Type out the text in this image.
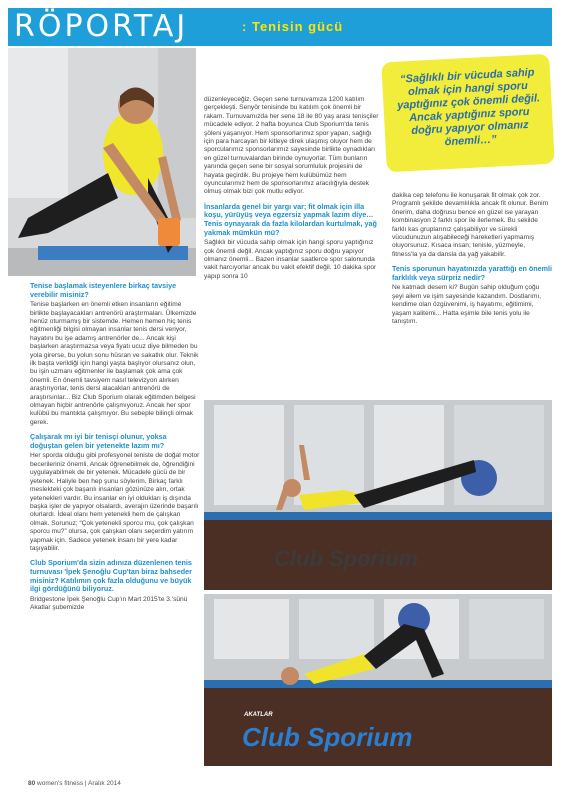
RÖPORTAJ	: Tenisin gücü
“Sağlıklı bir vücuda sahip olmak için hangi sporu yaptığınız çok önemli değil. Ancak yaptığınız sporu doğru yapıyor olmanız önemli…”
Tenise başlamak isteyenlere birkaç tavsiye verebilir misiniz?

Tenise başlarken en önemli etken insanların eğitime birlikte başlayacakları antrenörü araştırmaları. Ülkemizde henüz oturmamış bir sistemde. Hemen hemen hiç tenis eğitmenliği bilgisi olmayan insanlar tenis dersi veriyor, hayatını bu işe adamış antrenörler de... Ancak kişi başlarken araştırmazsa veya fiyatı ucuz diye bilmeden bu yola girerse, bu yolun sonu hüsran ve sakatlık olur. Teknik ilk başta verildiği için hangi yaşta başlıyor olursanız olun, bu işin uzmanı eğitmenler ile başlamak çok ama çok önemli. En önemli tavsiyem nasıl televizyon alırken araştırıyorlar, tenis dersi alacakları antrenörü de araştırsınlar... Biz Club Sporium olarak eğitimden belgesi olmayan hiçbir antrenörle çalışmıyoruz. Ancak her spor kulübü bu mantıkta çalışmıyor. Bu sebeple bilinçli olmak gerek.

Çalışarak mı iyi bir tenisçi olunur, yoksa doğuştan gelen bir yetenekte lazım mı?

Her sporda olduğu gibi profesyonel teniste de doğal motor becerileriniz önemli. Ancak öğrenebilmek de, öğrendiğini uygulayabilmek de bir yetenek. Mücadele gücü de bir yetenek. Haliyle ben hep şunu söylerim. Birkaç farklı meslekteki çok başarılı insanları gözünüze alın, ortak yetenekleri vardır. Bu insanlar en iyi oldukları iş dışında başka işler de yapıyor olsalardı, averajın üzerinde başarılı olurlardı. İdeal olanı hem yetenekli hem de çalışkan olmak. Sorunuz; “Çok yetenekli sporcu mu, çok çalışkan sporcu mu?” olursa, çok çalışkan olanı seçerdim yatırım yapmak için. Sadece yetenek insanı bir yere kadar taşıyabilir.

Club Sporium'da sizin adınıza düzenlenen tenis turnuvası 'İpek Şenoğlu Cup'tan biraz bahseder misiniz? Katılımın çok fazla olduğunu ve büyük ilgi gördüğünü biliyoruz.

Bridgestone İpek Şenoğlu Cup'ın Mart 2015'te 3.'sünü Akatlar şubemizde

düzenleyeceğiz. Geçen sene turnuvamıza 1200 katılım gerçekleşti. Senyör tenisinde bu katılım çok önemli bir rakam. Turnuvamızda her sene 18 ile 80 yaş arası tenisçiler mücadele ediyor. 2 hafta boyunca Club Sporium'da tenis şöleni yaşanıyor. Hem sponsorlarımız spor yapan, sağlığı için para harcayan bir kitleye direk ulaşmış oluyor hem de sporcularımız sponsorlarımız sayesinde birlikte oynadıkları en güzel turnuvalardan birinde oynuyorlar. Tüm bunların yanında geçen sene bir sosyal sorumluluk projesini de hayata geçirdik. Bu projeye hem kulübümüz hem oyuncularımız hem de sponsorlarımız aracılığıyla destek olmuş olmak bizi çok mutlu ediyor.

İnsanlarda genel bir yargı var; fit olmak için illa koşu, yürüyüş veya egzersiz yapmak lazım diye… Tenis oynayarak da fazla kilolardan kurtulmak, yağ yakmak mümkün mü?

Sağlıklı bir vücuda sahip olmak için hangi sporu yaptığınız çok önemli değil. Ancak yaptığınız sporu doğru yapıyor olmanız önemli... Bazen insanlar saatlerce spor salonunda vakit harcıyorlar ancak bu vakit efektif değil. 10 dakika spor yapıp sonra 10

dakika cep telefonu ile konuşarak fit olmak çok zor. Programlı şekilde devamlılıkla ancak fit olunur. Benim önerim, daha doğrusu bence en güzel ise yarayan kombinasyon 2 farklı spor ile ilerlemek. Bu sekilde farklı kas gruplarınız çalışabiliyor ve sürekli vücudunuzun alışabileceği hareketleri yapmamış oluyorsunuz. Kısaca insan; tenisle, yüzmeyle, fitness'la ya da dansla da yağ yakabilir.

Tenis sporunun hayatınızda yarattığı en önemli farklılık veya sürpriz nedir?

Ne katmadı desem ki? Bugün sahip olduğum çoğu şeyi ailem ve işim sayesinde kazandım. Dostlarımı, kendime olan özgüvenimi, iş hayatımı, eğitimimi, yaşam kalitemi... Hatta eşimle bile tenis yolu ile tanıştım.

Club Sporium
AKATLAR
Club Sporium
80 women's fitness | Aralık 2014
